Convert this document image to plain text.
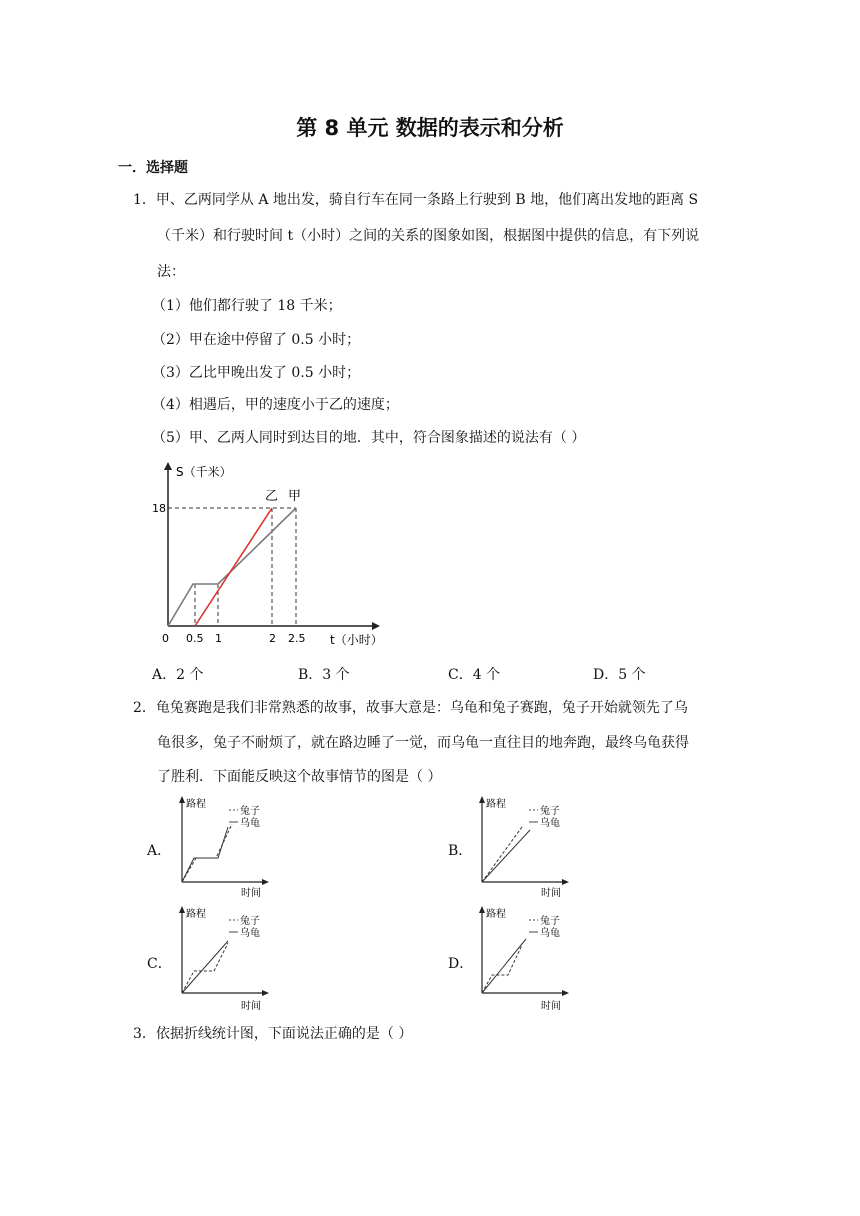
第 8 单元 数据的表示和分析
一．选择题
1．甲、乙两同学从 A 地出发，骑自行车在同一条路上行驶到 B 地，他们离出发地的距离 S
（千米）和行驶时间 t（小时）之间的关系的图象如图，根据图中提供的信息，有下列说
法：
（1）他们都行驶了 18 千米；
（2）甲在途中停留了 0.5 小时；
（3）乙比甲晚出发了 0.5 小时；
（4）相遇后，甲的速度小于乙的速度；
（5）甲、乙两人同时到达目的地．其中，符合图象描述的说法有（ ）
S（千米）
18
乙 甲
0 0.5 1	2 2.5 t（小时）
A．2 个	B．3 个	C．4 个	D．5 个
2．龟兔赛跑是我们非常熟悉的故事，故事大意是：乌龟和兔子赛跑，兔子开始就领先了乌
龟很多，兔子不耐烦了，就在路边睡了一觉，而乌龟一直往目的地奔跑，最终乌龟获得
了胜利．下面能反映这个故事情节的图是（ ）
A．	B．
C．	D．
路程
时间
兔子
乌龟
路程
时间
兔子
乌龟
路程
时间
兔子
乌龟
路程
时间
兔子
乌龟
3．依据折线统计图，下面说法正确的是（ ）
